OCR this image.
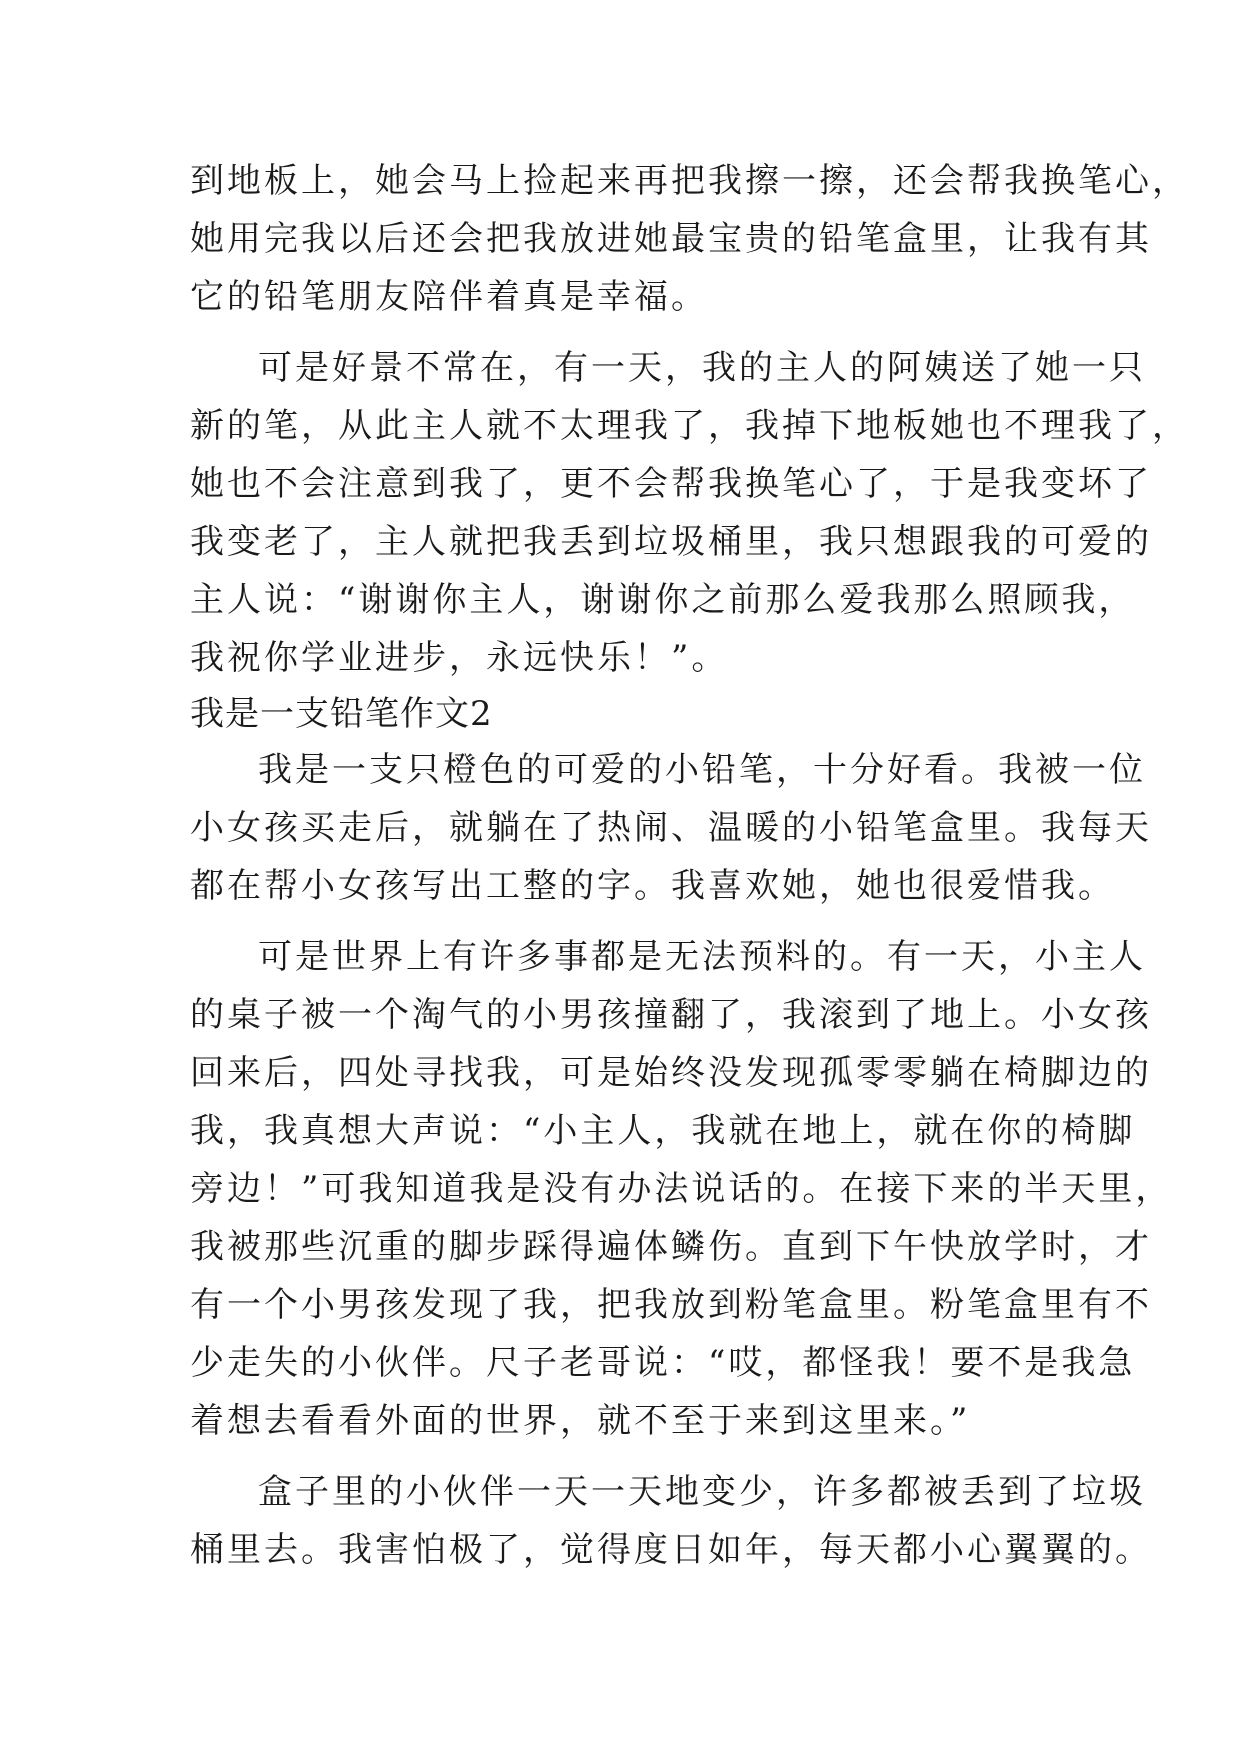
到地板上，她会马上捡起来再把我擦一擦，还会帮我换笔心，
她用完我以后还会把我放进她最宝贵的铅笔盒里，让我有其
它的铅笔朋友陪伴着真是幸福。
可是好景不常在，有一天，我的主人的阿姨送了她一只
新的笔，从此主人就不太理我了，我掉下地板她也不理我了，
她也不会注意到我了，更不会帮我换笔心了，于是我变坏了
我变老了，主人就把我丢到垃圾桶里，我只想跟我的可爱的
主人说：“谢谢你主人，谢谢你之前那么爱我那么照顾我，
我祝你学业进步，永远快乐！”。
我是一支铅笔作文2
我是一支只橙色的可爱的小铅笔，十分好看。我被一位
小女孩买走后，就躺在了热闹、温暖的小铅笔盒里。我每天
都在帮小女孩写出工整的字。我喜欢她，她也很爱惜我。
可是世界上有许多事都是无法预料的。有一天，小主人
的桌子被一个淘气的小男孩撞翻了，我滚到了地上。小女孩
回来后，四处寻找我，可是始终没发现孤零零躺在椅脚边的
我，我真想大声说：“小主人，我就在地上，就在你的椅脚
旁边！”可我知道我是没有办法说话的。在接下来的半天里，
我被那些沉重的脚步踩得遍体鳞伤。直到下午快放学时，才
有一个小男孩发现了我，把我放到粉笔盒里。粉笔盒里有不
少走失的小伙伴。尺子老哥说：“哎，都怪我！要不是我急
着想去看看外面的世界，就不至于来到这里来。”
盒子里的小伙伴一天一天地变少，许多都被丢到了垃圾
桶里去。我害怕极了，觉得度日如年，每天都小心翼翼的。
